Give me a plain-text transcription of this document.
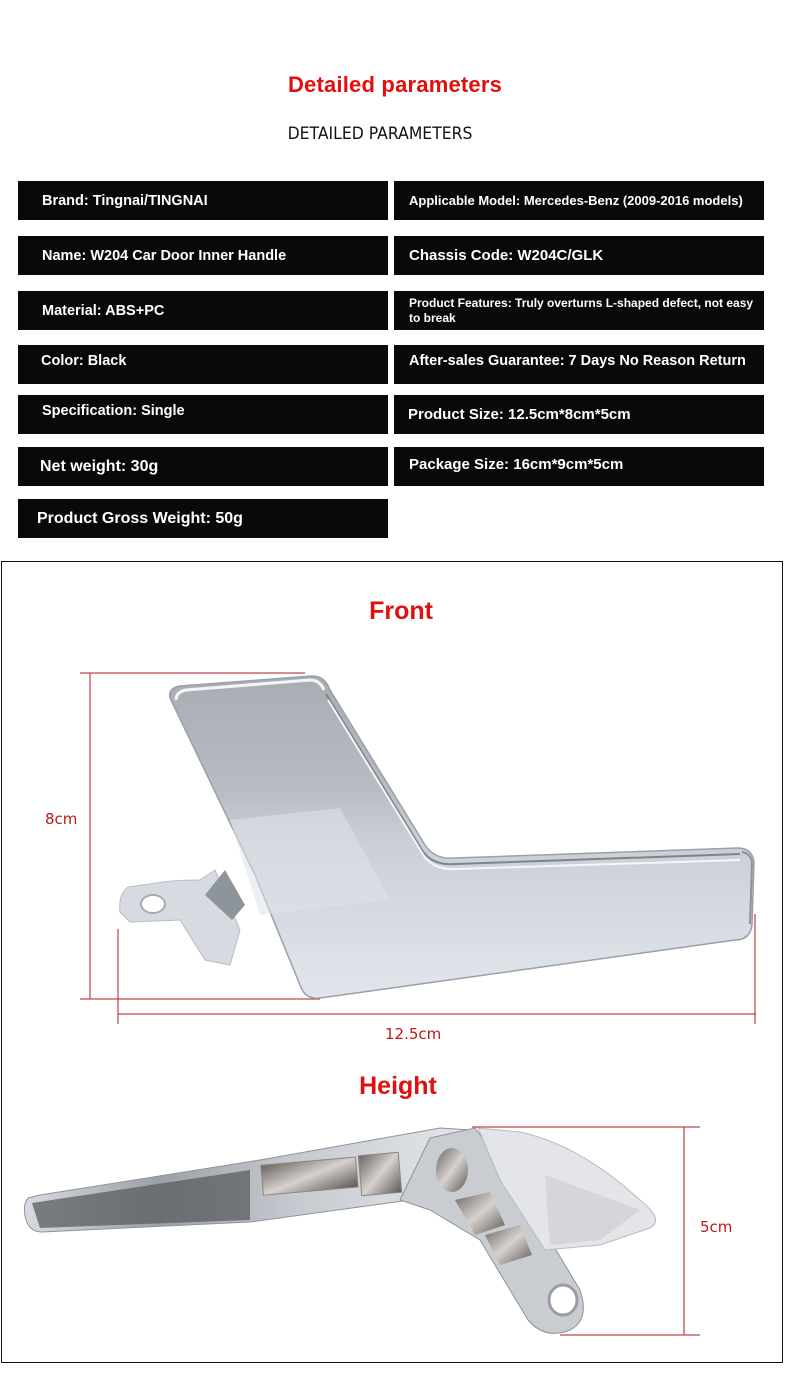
Detailed parameters
DETAILED PARAMETERS
Brand: Tingnai/TINGNAI
Name: W204 Car Door Inner Handle
Material: ABS+PC
Color: Black
Specification: Single
Net weight: 30g
Product Gross Weight: 50g
Applicable Model: Mercedes-Benz (2009-2016 models)
Chassis Code: W204C/GLK
Product Features: Truly overturns L-shaped defect, not easy to break
After-sales Guarantee: 7 Days No Reason Return
Product Size: 12.5cm*8cm*5cm
Package Size: 16cm*9cm*5cm
Front
8cm
12.5cm
Height
5cm
